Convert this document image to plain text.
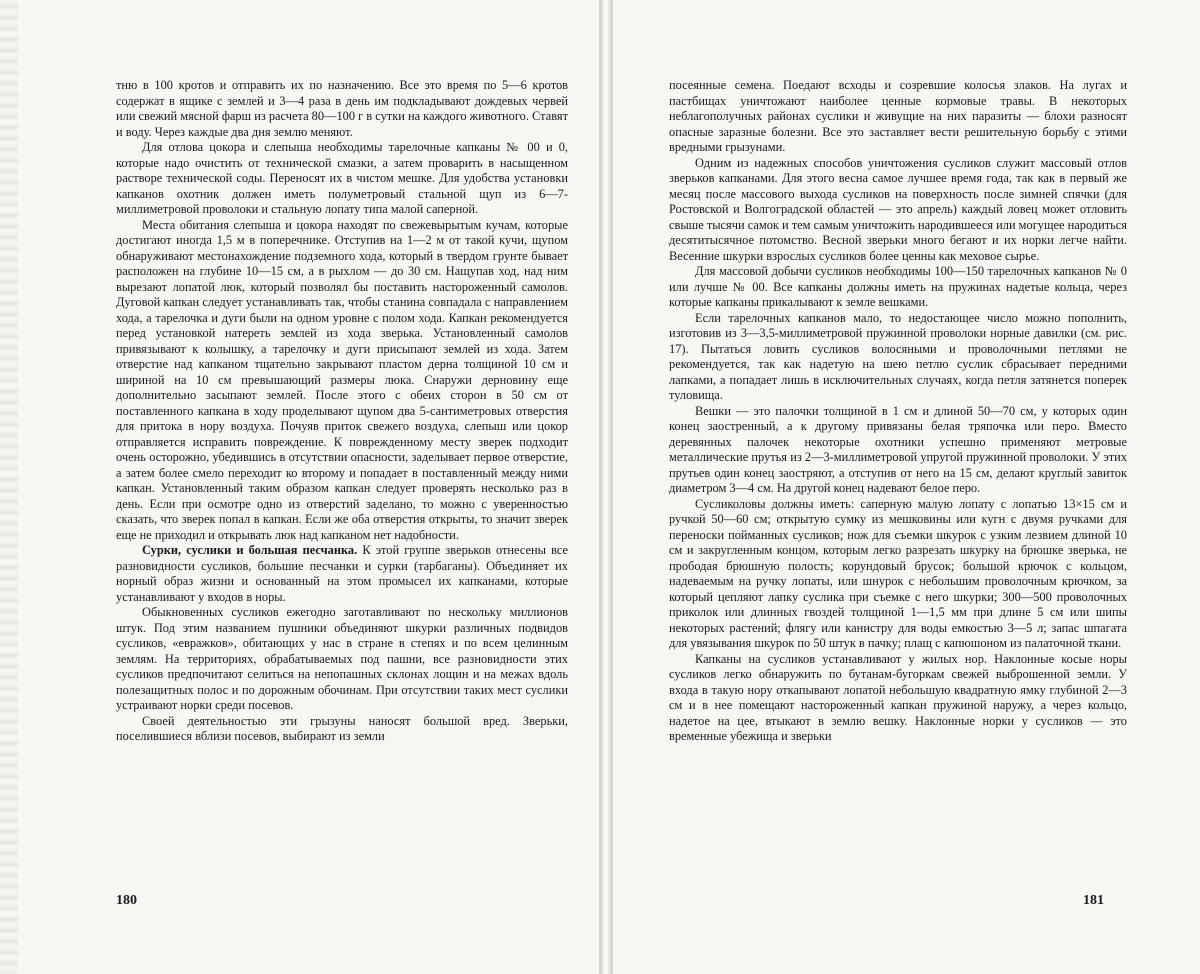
тню в 100 кротов и отправить их по назначению. Все это время по 5—6 кротов содержат в ящике с землей и 3—4 раза в день им подкладывают дождевых червей или свежий мясной фарш из расчета 80—100 г в сутки на каждого животного. Ставят и воду. Через каждые два дня землю меняют.

Для отлова цокора и слепыша необходимы тарелочные капканы № 00 и 0, которые надо очистить от технической смазки, а затем проварить в насыщенном растворе технической соды. Переносят их в чистом мешке. Для удобства установки капканов охотник должен иметь полуметровый стальной щуп из 6—7-миллиметровой проволоки и стальную лопату типа малой саперной.

Места обитания слепыша и цокора находят по свежевырытым кучам, которые достигают иногда 1,5 м в поперечнике. Отступив на 1—2 м от такой кучи, щупом обнаруживают местонахождение подземного хода, который в твердом грунте бывает расположен на глубине 10—15 см, а в рыхлом — до 30 см. Нащупав ход, над ним вырезают лопатой люк, который позволял бы поставить настороженный самолов. Дуговой капкан следует устанавливать так, чтобы станина совпадала с направлением хода, а тарелочка и дуги были на одном уровне с полом хода. Капкан рекомендуется перед установкой натереть землей из хода зверька. Установленный самолов привязывают к колышку, а тарелочку и дуги присыпают землей из хода. Затем отверстие над капканом тщательно закрывают пластом дерна толщиной 10 см и шириной на 10 см превышающий размеры люка. Снаружи дерновину еще дополнительно засыпают землей. После этого с обеих сторон в 50 см от поставленного капкана в ходу проделывают щупом два 5-сантиметровых отверстия для притока в нору воздуха. Почуяв приток свежего воздуха, слепыш или цокор отправляется исправить повреждение. К поврежденному месту зверек подходит очень осторожно, убедившись в отсутствии опасности, заделывает первое отверстие, а затем более смело переходит ко второму и попадает в поставленный между ними капкан. Установленный таким образом капкан следует проверять несколько раз в день. Если при осмотре одно из отверстий заделано, то можно с уверенностью сказать, что зверек попал в капкан. Если же оба отверстия открыты, то значит зверек еще не приходил и открывать люк над капканом нет надобности.

Сурки, суслики и большая песчанка. К этой группе зверьков отнесены все разновидности сусликов, большие песчанки и сурки (тарбаганы). Объединяет их норный образ жизни и основанный на этом промысел их капканами, которые устанавливают у входов в норы.

Обыкновенных сусликов ежегодно заготавливают по нескольку миллионов штук. Под этим названием пушники объединяют шкурки различных подвидов сусликов, «евражков», обитающих у нас в стране в степях и по всем целинным землям. На территориях, обрабатываемых под пашни, все разновидности этих сусликов предпочитают селиться на непопашных склонах лощин и на межах вдоль полезащитных полос и по дорожным обочинам. При отсутствии таких мест суслики устраивают норки среди посевов.

Своей деятельностью эти грызуны наносят большой вред. Зверьки, поселившиеся вблизи посевов, выбирают из земли

180

посеянные семена. Поедают всходы и созревшие колосья злаков. На лугах и пастбищах уничтожают наиболее ценные кормовые травы. В некоторых неблагополучных районах суслики и живущие на них паразиты — блохи разносят опасные заразные болезни. Все это заставляет вести решительную борьбу с этими вредными грызунами.

Одним из надежных способов уничтожения сусликов служит массовый отлов зверьков капканами. Для этого весна самое лучшее время года, так как в первый же месяц после массового выхода сусликов на поверхность после зимней спячки (для Ростовской и Волгоградской областей — это апрель) каждый ловец может отловить свыше тысячи самок и тем самым уничтожить народившееся или могущее народиться десятитысячное потомство. Весной зверьки много бегают и их норки легче найти. Весенние шкурки взрослых сусликов более ценны как меховое сырье.

Для массовой добычи сусликов необходимы 100—150 тарелочных капканов № 0 или лучше № 00. Все капканы должны иметь на пружинах надетые кольца, через которые капканы прикалывают к земле вешками.

Если тарелочных капканов мало, то недостающее число можно пополнить, изготовив из 3—3,5-миллиметровой пружинной проволоки норные давилки (см. рис. 17). Пытаться ловить сусликов волосяными и проволочными петлями не рекомендуется, так как надетую на шею петлю суслик сбрасывает передними лапками, а попадает лишь в исключительных случаях, когда петля затянется поперек туловища.

Вешки — это палочки толщиной в 1 см и длиной 50—70 см, у которых один конец заостренный, а к другому привязаны белая тряпочка или перо. Вместо деревянных палочек некоторые охотники успешно применяют метровые металлические прутья из 2—3-миллиметровой упругой пружинной проволоки. У этих прутьев один конец заостряют, а отступив от него на 15 см, делают круглый завиток диаметром 3—4 см. На другой конец надевают белое перо.

Сусликоловы должны иметь: саперную малую лопату с лопатью 13×15 см и ручкой 50—60 см; открытую сумку из мешковины или кугн с двумя ручками для переноски пойманных сусликов; нож для съемки шкурок с узким лезвием длиной 10 см и закругленным концом, которым легко разрезать шкурку на брюшке зверька, не прободая брюшную полость; корундовый брусок; большой крючок с кольцом, надеваемым на ручку лопаты, или шнурок с небольшим проволочным крючком, за который цепляют лапку суслика при съемке с него шкурки; 300—500 проволочных приколок или длинных гвоздей толщиной 1—1,5 мм при длине 5 см или шипы некоторых растений; флягу или канистру для воды емкостью 3—5 л; запас шпагата для увязывания шкурок по 50 штук в пачку; плащ с капюшоном из палаточной ткани.

Капканы на сусликов устанавливают у жилых нор. Наклонные косые норы сусликов легко обнаружить по бутанам-бугоркам свежей выброшенной земли. У входа в такую нору откапывают лопатой небольшую квадратную ямку глубиной 2—3 см и в нее помещают настороженный капкан пружиной наружу, а через кольцо, надетое на цее, втыкают в землю вешку. Наклонные норки у сусликов — это временные убежища и зверьки

181
